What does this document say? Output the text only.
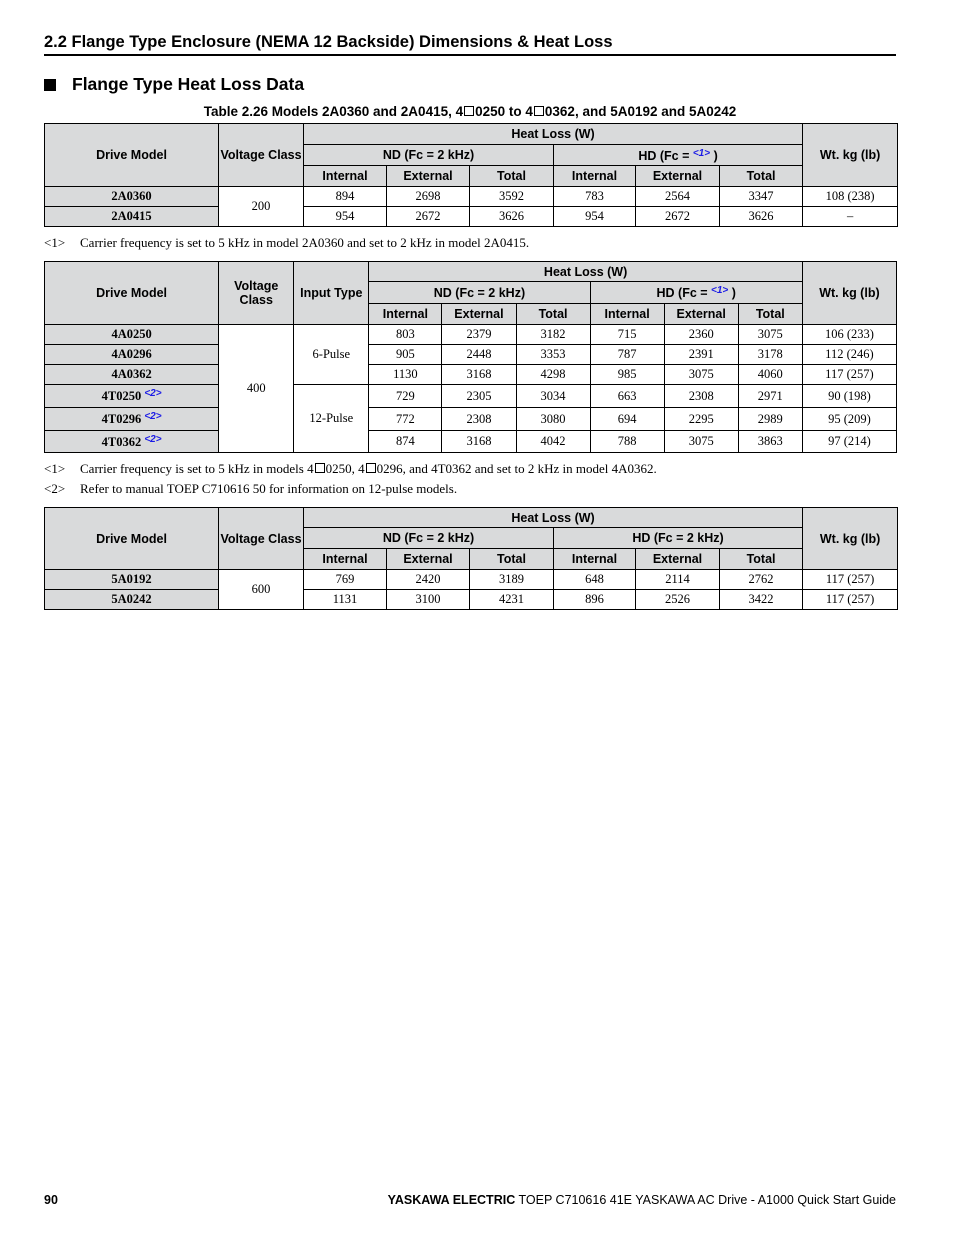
2.2 Flange Type Enclosure (NEMA 12 Backside) Dimensions & Heat Loss
Flange Type Heat Loss Data
Table 2.26 Models 2A0360 and 2A0415, 4 0250 to 4 0362, and 5A0192 and 5A0242
Drive Model	Voltage Class	Heat Loss (W)						Wt. kg (lb)
		ND (Fc = 2 kHz)			HD (Fc = $^{<1>}$ )			
		Internal	External	Total	Internal	External	Total	
2A0360	200	894	2698	3592	783	2564	3347	108 (238)
2A0415		954	2672	3626	954	2672	3626	–
<1> Carrier frequency is set to 5 kHz in model 2A0360 and set to 2 kHz in model 2A0415.
Drive Model	Voltage Class	Input Type	Heat Loss (W)						Wt. kg (lb)
			ND (Fc = 2 kHz)			HD (Fc = $^{<1>}$ )			
			Internal	External	Total	Internal	External	Total	
4A0250	400	6-Pulse	803	2379	3182	715	2360	3075	106 (233)
4A0296			905	2448	3353	787	2391	3178	112 (246)
4A0362			1130	3168	4298	985	3075	4060	117 (257)
4T0250 $^{<2>}$		12-Pulse	729	2305	3034	663	2308	2971	90 (198)
4T0296 $^{<2>}$			772	2308	3080	694	2295	2989	95 (209)
4T0362 $^{<2>}$			874	3168	4042	788	3075	3863	97 (214)
<1> Carrier frequency is set to 5 kHz in models 4 0250, 4 0296, and 4T0362 and set to 2 kHz in model 4A0362.
<2> Refer to manual TOEP C710616 50 for information on 12-pulse models.
Drive Model	Voltage Class	Heat Loss (W)						Wt. kg (lb)
		ND (Fc = 2 kHz)			HD (Fc = 2 kHz)			
		Internal	External	Total	Internal	External	Total	
5A0192	600	769	2420	3189	648	2114	2762	117 (257)
5A0242		1131	3100	4231	896	2526	3422	117 (257)
90	YASKAWA ELECTRIC TOEP C710616 41E YASKAWA AC Drive - A1000 Quick Start Guide
